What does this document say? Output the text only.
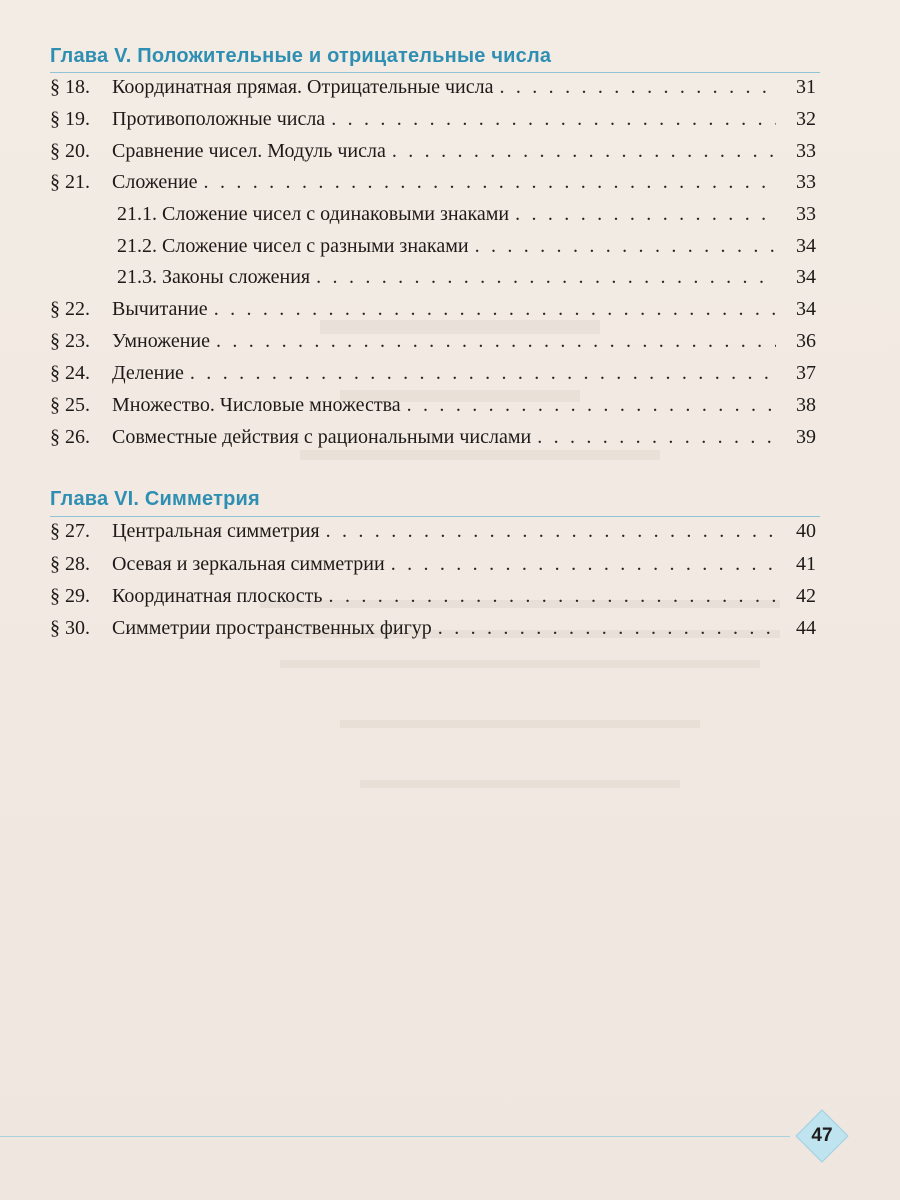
Глава V. Положительные и отрицательные числа
§ 18.	Координатная прямая. Отрицательные числа . . .	31
§ 19.	Противоположные числа . . .	32
§ 20.	Сравнение чисел. Модуль числа . . .	33
§ 21.	Сложение . . .	33
21.1. Сложение чисел с одинаковыми знаками . . .	33
21.2. Сложение чисел с разными знаками . . .	34
21.3. Законы сложения . . .	34
§ 22.	Вычитание . . .	34
§ 23.	Умножение . . .	36
§ 24.	Деление . . .	37
§ 25.	Множество. Числовые множества . . .	38
§ 26.	Совместные действия с рациональными числами . . .	39
Глава VI. Симметрия
§ 27.	Центральная симметрия . . .	40
§ 28.	Осевая и зеркальная симметрии . . .	41
§ 29.	Координатная плоскость . . .	42
§ 30.	Симметрии пространственных фигур . . .	44
47
